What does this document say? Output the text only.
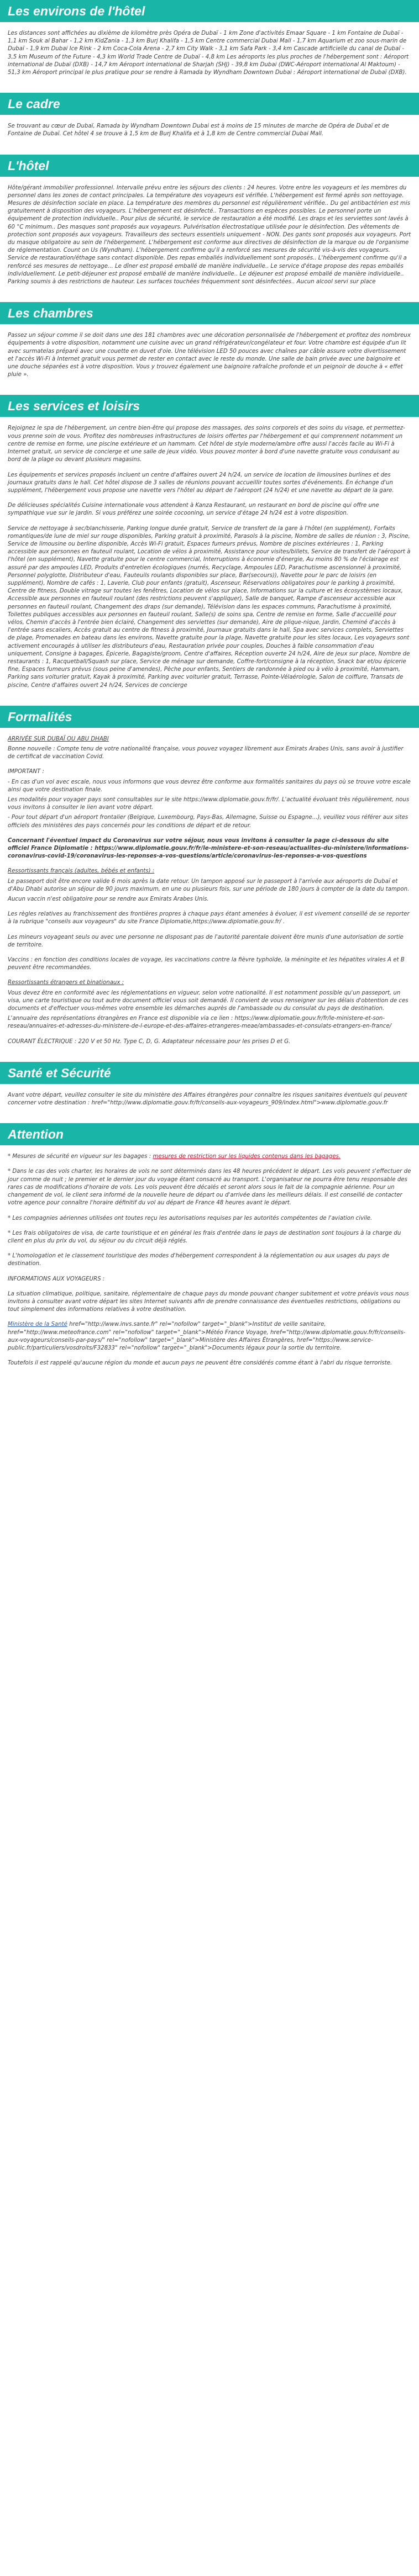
Les environs de l'hôtel
Les distances sont affichées au dixième de kilomètre près Opéra de Dubaï - 1 km Zone d'activités Emaar Square - 1 km Fontaine de Dubaï - 1,1 km Souk al Bahar - 1,2 km KidZania - 1,3 km Burj Khalifa - 1,5 km Centre commercial Dubai Mall - 1,7 km Aquarium et zoo sous-marin de Dubaï - 1,9 km Dubai Ice Rink - 2 km Coca-Cola Arena - 2,7 km City Walk - 3,1 km Safa Park - 3,4 km Cascade artificielle du canal de Dubaï - 3,5 km Museum of the Future - 4,3 km World Trade Centre de Dubaï - 4,8 km Les aéroports les plus proches de l'hébergement sont : Aéroport international de Dubaï (DXB) - 14,7 km Aéroport international de Sharjah (SHJ) - 39,8 km Dubai (DWC-Aéroport international Al Maktoum) - 51,3 km Aéroport principal le plus pratique pour se rendre à Ramada by Wyndham Downtown Dubai : Aéroport international de Dubaï (DXB).
Le cadre
Se trouvant au cœur de Dubaï, Ramada by Wyndham Downtown Dubai est à moins de 15 minutes de marche de Opéra de Dubaï et de Fontaine de Dubaï. Cet hôtel 4 se trouve à 1,5 km de Burj Khalifa et à 1,8 km de Centre commercial Dubai Mall.
L'hôtel
Hôte/gérant immobilier professionnel. Intervalle prévu entre les séjours des clients : 24 heures. Votre entre les voyageurs et les membres du personnel dans les zones de contact principales. La température des voyageurs est vérifiée. L'hébergement est fermé après son nettoyage. Mesures de désinfection sociale en place. La température des membres du personnel est régulièrement vérifiée.. Du gel antibactérien est mis gratuitement à disposition des voyageurs. L'hébergement est désinfecté.. Transactions en espèces possibles. Le personnel porte un équipement de protection individuelle.. Pour plus de sécurité, le service de restauration a été modifié. Les draps et les serviettes sont lavés à 60 °C minimum.. Des masques sont proposés aux voyageurs. Pulvérisation électrostatique utilisée pour le désinfection. Des vêtements de protection sont proposés aux voyageurs. Travailleurs des secteurs essentiels uniquement - NON. Des gants sont proposés aux voyageurs. Port du masque obligatoire au sein de l'hébergement. L'hébergement est conforme aux directives de désinfection de la marque ou de l'organisme de réglementation. Count on Us (Wyndham). L'hébergement confirme qu'il a renforcé ses mesures de sécurité vis-à-vis des voyageurs. Service de restauration/éthage sans contact disponible. Des repas emballés individuellement sont proposés.. L'hébergement confirme qu'il a renforcé ses mesures de nettoyage... Le dîner est proposé emballé de manière individuelle.. Le service d'étage propose des repas emballés individuellement. Le petit-déjeuner est proposé emballé de manière individuelle.. Le déjeuner est proposé emballé de manière individuelle.. Parking soumis à des restrictions de hauteur. Les surfaces touchées fréquemment sont désinfectées.. Aucun alcool servi sur place
Les chambres
Passez un séjour comme il se doit dans une des 181 chambres avec une décoration personnalisée de l'hébergement et profitez des nombreux équipements à votre disposition, notamment une cuisine avec un grand réfrigérateur/congélateur et four. Votre chambre est équipée d'un lit avec surmatelas préparé avec une couette en duvet d'oie. Une télévision LED 50 pouces avec chaînes par câble assure votre divertissement et l'accès Wi-Fi à Internet gratuit vous permet de rester en contact avec le reste du monde. Une salle de bain privée avec une baignoire et une douche séparées est à votre disposition. Vous y trouvez également une baignoire rafraîche profonde et un peignoir de douche à « effet pluie ».
Les services et loisirs
Rejoignez le spa de l'hébergement, un centre bien-être qui propose des massages, des soins corporels et des soins du visage, et permettez-vous prenne soin de vous. Profitez des nombreuses infrastructures de loisirs offertes par l'hébergement et qui comprennent notamment un centre de remise en forme, une piscine extérieure et un hammam. Cet hôtel de style moderne/ambre offre aussi l'accès facile au Wi-Fi à Internet gratuit, un service de concierge et une salle de jeux vidéo. Vous pouvez monter à bord d'une navette gratuite vous conduisant au bord de la plage ou devant plusieurs magasins.
Les équipements et services proposés incluent un centre d'affaires ouvert 24 h/24, un service de location de limousines burlines et des journaux gratuits dans le hall. Cet hôtel dispose de 3 salles de réunions pouvant accueillir toutes sortes d'événements. En échange d'un supplément, l'hébergement vous propose une navette vers l'hôtel au départ de l'aéroport (24 h/24) et une navette au départ de la gare.
De délicieuses spécialités Cuisine internationale vous attendent à Kanza Restaurant, un restaurant en bord de piscine qui offre une sympathique vue sur le jardin. Si vous préférez une soirée cocooning, un service d'étage 24 h/24 est à votre disposition.
Service de nettoyage à sec/blanchisserie, Parking longue durée gratuit, Service de transfert de la gare à l'hôtel (en supplément), Forfaits romantiques/de lune de miel sur rouge disponibles, Parking gratuit à proximité, Parasols à la piscine, Nombre de salles de réunion : 3, Piscine, Service de limousine ou berline disponible, Accès Wi-Fi gratuit, Espaces fumeurs prévus, Nombre de piscines extérieures : 1, Parking accessible aux personnes en fauteuil roulant, Location de vélos à proximité, Assistance pour visites/billets, Service de transfert de l'aéroport à l'hôtel (en supplément), Navette gratuite pour le centre commercial, Interruptions à économie d'énergie, Au moins 80 % de l'éclairage est assuré par des ampoules LED, Produits d'entretien écologiques (nurrés, Recyclage, Ampoules LED, Parachutisme ascensionnel à proximité, Personnel polyglotte, Distributeur d'eau, Fauteuils roulants disponibles sur place, Bar(secours)), Navette pour le parc de loisirs (en supplément), Nombre de cafés : 1, Laverie, Club pour enfants (gratuit), Ascenseur, Réservations obligatoires pour le parking à proximité, Centre de fitness, Double vitrage sur toutes les fenêtres, Location de vélos sur place, Informations sur la culture et les écosystèmes locaux, Accessible aux personnes en fauteuil roulant (des restrictions peuvent s'appliquer), Salle de banquet, Rampe d'ascenseur accessible aux personnes en fauteuil roulant, Changement des draps (sur demande), Télévision dans les espaces communs, Parachutisme à proximité, Toilettes publiques accessibles aux personnes en fauteuil roulant, Salle(s) de soins spa, Centre de remise en forme, Salle d'accueillé pour vélos, Chemin d'accès à l'entrée bien éclairé, Changement des serviettes (sur demande), Aire de plique-nique, Jardin, Cheminé d'accès à l'entrée sans escaliers, Accès gratuit au centre de fitness à proximité, Journaux gratuits dans le hall, Spa avec services complets, Serviettes de plage, Promenades en bateau dans les environs, Navette gratuite pour la plage, Navette gratuite pour les sites locaux, Les voyageurs sont activement encouragés à utiliser les distributeurs d'eau, Restauration privée pour couples, Douches à faible consommation d'eau uniquement, Consigne à bagages, Épicerie, Bagagiste/groom, Centre d'affaires, Réception ouverte 24 h/24, Aire de jeux sur place, Nombre de restaurants : 1, Racquetball/Squash sur place, Service de ménage sur demande, Coffre-fort/consigne à la réception, Snack bar et/ou épicerie fine, Espaces fumeurs prévus (sous peine d'amendes), Pèche pour enfants, Sentiers de randonnée à pied ou à vélo à proximité, Hammam, Parking sans voiturier gratuit, Kayak à proximité, Parking avec voiturier gratuit, Terrasse, Pointe-Vélaérologie, Salon de coiffure, Transats de piscine, Centre d'affaires ouvert 24 h/24, Services de concierge
Formalités
ARRIVÉE SUR DUBAÏ OU ABU DHABI
Bonne nouvelle : Compte tenu de votre nationalité française, vous pouvez voyagez librement aux Emirats Arabes Unis, sans avoir à justifier de certificat de vaccination Covid.
IMPORTANT :
- En cas d'un vol avec escale, nous vous informons que vous devrez être conforme aux formalités sanitaires du pays où se trouve votre escale ainsi que votre destination finale.
Les modalités pour voyager pays sont consultables sur le site https://www.diplomatie.gouv.fr/fr/. L'actualité évoluant très régulièrement, nous vous invitons à consulter le lien avant votre départ.
- Pour tout départ d'un aéroport frontalier (Belgique, Luxembourg, Pays-Bas, Allemagne, Suisse ou Espagne...), veuillez vous référer aux sites officiels des ministères des pays concernés pour les conditions de départ et de retour.
Concernant l'éventuel impact du Coronavirus sur votre séjour, nous vous invitons à consulter la page ci-dessous du site officiel France Diplomatie : https://www.diplomatie.gouv.fr/fr/le-ministere-et-son-reseau/actualites-du-ministere/informations-coronavirus-covid-19/coronavirus-les-reponses-a-vos-questions/article/coronavirus-les-reponses-a-vos-questions
Ressortissants français (adultes, bébés et enfants) :
Le passeport doit être encore valide 6 mois après la date retour. Un tampon apposé sur le passeport à l'arrivée aux aéroports de Dubaï et d'Abu Dhabi autorise un séjour de 90 jours maximum, en une ou plusieurs fois, sur une période de 180 jours à compter de la date du tampon.
Aucun vaccin n'est obligatoire pour se rendre aux Emirats Arabes Unis.
Les règles relatives au franchissement des frontières propres à chaque pays étant amenées à évoluer, il est vivement conseillé de se reporter à la rubrique "conseils aux voyageurs" du site France Diplomatie,https://www.diplomatie.gouv.fr/ .
Les mineurs voyageant seuls ou avec une personne ne disposant pas de l'autorité parentale doivent être munis d'une autorisation de sortie de territoire.
Vaccins : en fonction des conditions locales de voyage, les vaccinations contre la fièvre typhoïde, la méningite et les hépatites virales A et B peuvent être recommandées.
Ressortissants étrangers et binationaux :
Vous devez être en conformité avec les réglementations en vigueur, selon votre nationalité. Il est notamment possible qu'un passeport, un visa, une carte touristique ou tout autre document officiel vous soit demandé. Il convient de vous renseigner sur les délais d'obtention de ces documents et d'effectuer vous-mêmes votre ensemble les démarches auprès de l'ambassade ou du consulat du pays de destination.
L'annuaire des représentations étrangères en France est disponible via ce lien : https://www.diplomatie.gouv.fr/fr/le-ministere-et-son-reseau/annuaires-et-adresses-du-ministere-de-l-europe-et-des-affaires-etrangeres-meae/ambassades-et-consulats-etrangers-en-france/
COURANT ÉLECTRIQUE : 220 V et 50 Hz. Type C, D, G. Adaptateur nécessaire pour les prises D et G.
Santé et Sécurité
Avant votre départ, veuillez consulter le site du ministère des Affaires étrangères pour connaître les risques sanitaires éventuels qui peuvent concerner votre destination : href="http://www.diplomatie.gouv.fr/fr/conseils-aux-voyageurs_909/index.html">www.diplomatie.gouv.fr
Attention
* Mesures de sécurité en vigueur sur les bagages : mesures de restriction sur les liquides contenus dans les bagages.
* Dans le cas des vols charter, les horaires de vols ne sont déterminés dans les 48 heures précédent le départ. Les vols peuvent s'effectuer de jour comme de nuit ; le premier et le dernier jour du voyage étant consacré au transport. L'organisateur ne pourra être tenu responsable des rares cas de modifications d'horaire de vols. Les vols peuvent être décalés et seront alors sous le fait de la compagnie aérienne. Pour un changement de vol, le client sera informé de la nouvelle heure de départ ou d'arrivée dans les meilleurs délais. Il est conseillé de contacter votre agence pour connaître l'horaire définitif du vol au départ de France 48 heures avant le départ.
* Les compagnies aériennes utilisées ont toutes reçu les autorisations requises par les autorités compétentes de l'aviation civile.
* Les frais obligatoires de visa, de carte touristique et en général les frais d'entrée dans le pays de destination sont toujours à la charge du client en plus du prix du vol, du séjour ou du circuit déjà réglés.
* L'homologation et le classement touristique des modes d'hébergement correspondent à la réglementation ou aux usages du pays de destination.
INFORMATIONS AUX VOYAGEURS :
La situation climatique, politique, sanitaire, réglementaire de chaque pays du monde pouvant changer subitement et votre préavis vous nous invitons à consulter avant votre départ les sites Internet suivants afin de prendre connaissance des éventuelles restrictions, obligations ou tout simplement des informations relatives à votre destination.
Ministère de la Santé href="http://www.invs.sante.fr" rel="nofollow" target="_blank">Institut de veille sanitaire, href="http://www.meteofrance.com" rel="nofollow" target="_blank">Météo France Voyage, href="http://www.diplomatie.gouv.fr/fr/conseils-aux-voyageurs/conseils-par-pays/" rel="nofollow" target="_blank">Ministère des Affaires Étrangères, href="https://www.service-public.fr/particuliers/vosdroits/F32833" rel="nofollow" target="_blank">Documents légaux pour la sortie du territoire.
Toutefois il est rappelé qu'aucune région du monde et aucun pays ne peuvent être considérés comme étant à l'abri du risque terroriste.
